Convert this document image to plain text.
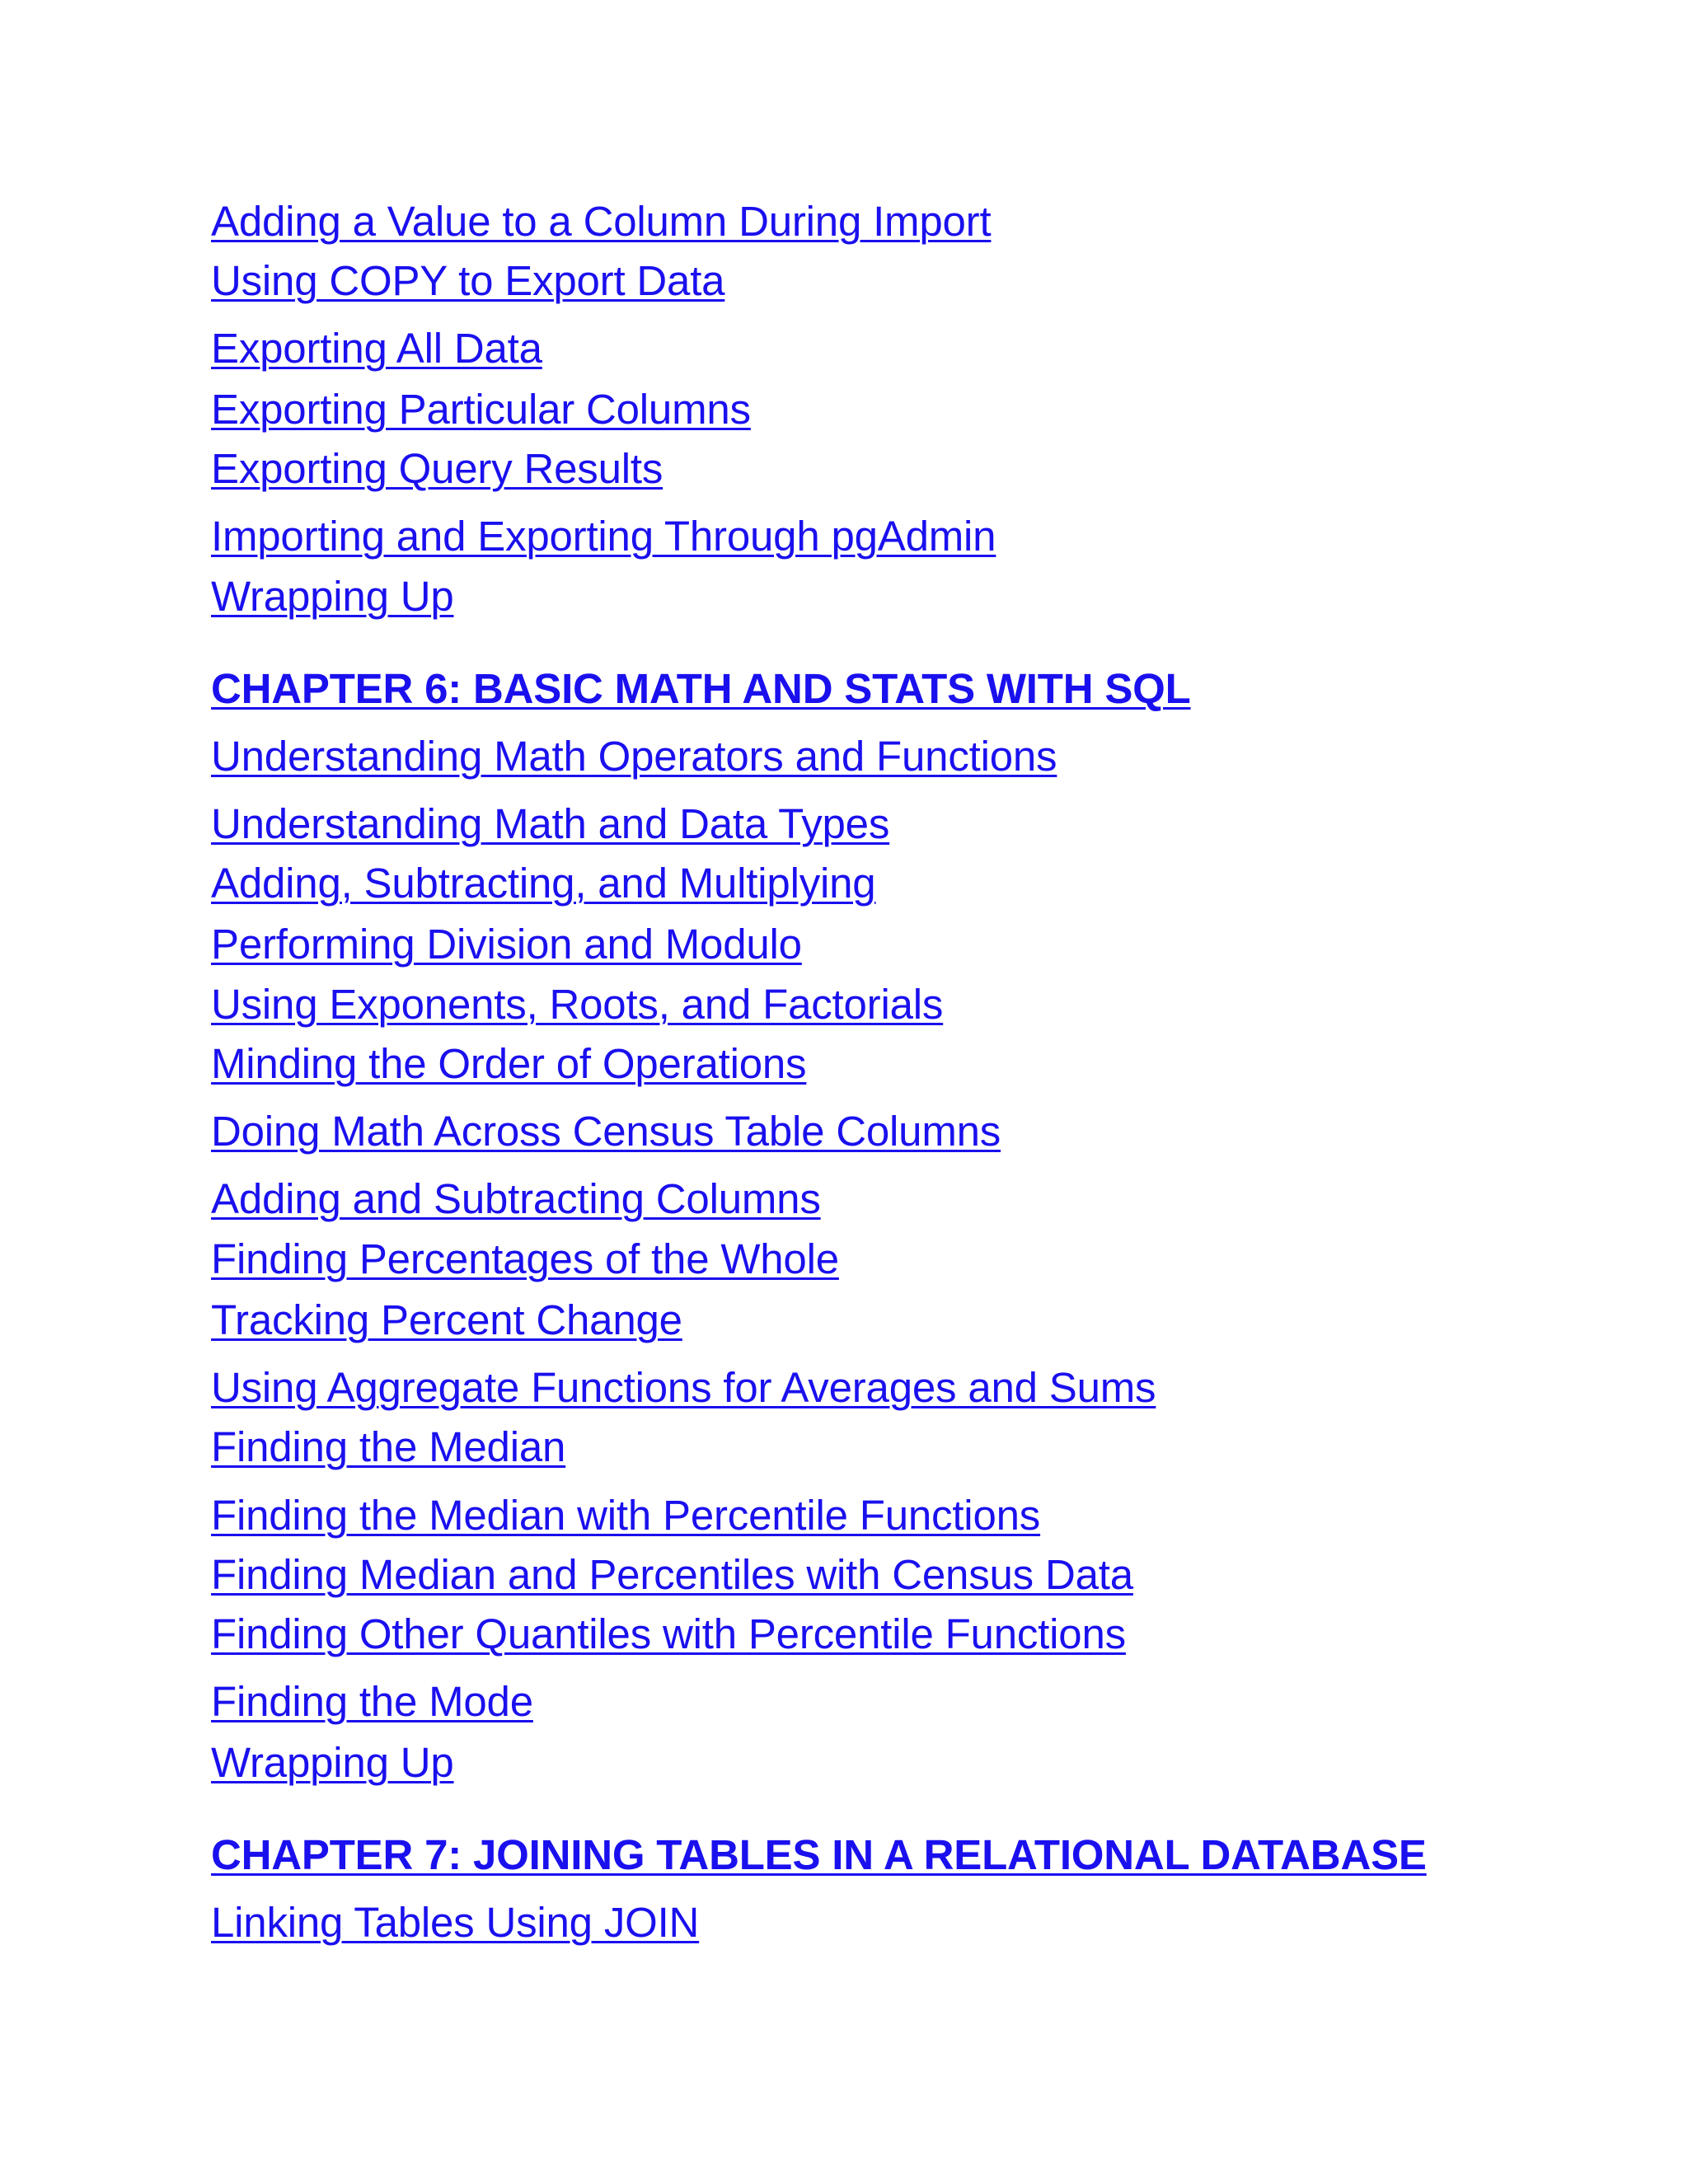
Adding a Value to a Column During Import
Using COPY to Export Data
Exporting All Data
Exporting Particular Columns
Exporting Query Results
Importing and Exporting Through pgAdmin
Wrapping Up
CHAPTER 6: BASIC MATH AND STATS WITH SQL
Understanding Math Operators and Functions
Understanding Math and Data Types
Adding, Subtracting, and Multiplying
Performing Division and Modulo
Using Exponents, Roots, and Factorials
Minding the Order of Operations
Doing Math Across Census Table Columns
Adding and Subtracting Columns
Finding Percentages of the Whole
Tracking Percent Change
Using Aggregate Functions for Averages and Sums
Finding the Median
Finding the Median with Percentile Functions
Finding Median and Percentiles with Census Data
Finding Other Quantiles with Percentile Functions
Finding the Mode
Wrapping Up
CHAPTER 7: JOINING TABLES IN A RELATIONAL DATABASE
Linking Tables Using JOIN
